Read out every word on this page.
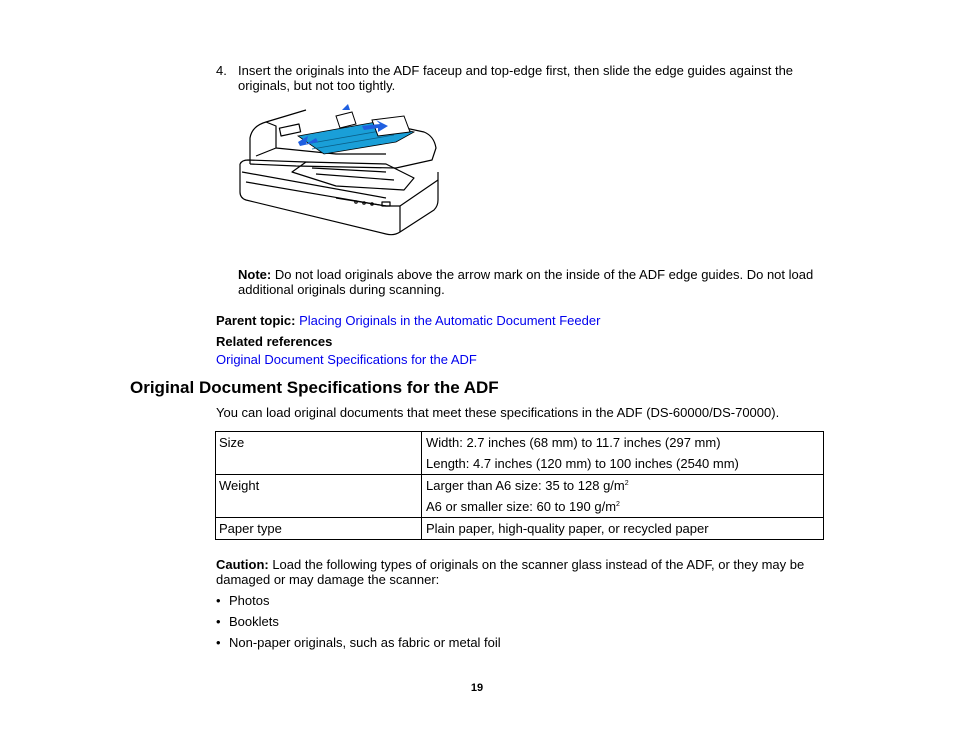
4. Insert the originals into the ADF faceup and top-edge first, then slide the edge guides against the originals, but not too tightly.
Note: Do not load originals above the arrow mark on the inside of the ADF edge guides. Do not load additional originals during scanning.
Parent topic: Placing Originals in the Automatic Document Feeder
Related references
Original Document Specifications for the ADF
Original Document Specifications for the ADF
You can load original documents that meet these specifications in the ADF (DS-60000/DS-70000).
Size	Width: 2.7 inches (68 mm) to 11.7 inches (297 mm)
Length: 4.7 inches (120 mm) to 100 inches (2540 mm)

Weight	Larger than A6 size: 35 to 128 $g/m^2$
A6 or smaller size: 60 to 190 $g/m^2$

Paper type	Plain paper, high-quality paper, or recycled paper
Caution: Load the following types of originals on the scanner glass instead of the ADF, or they may be damaged or may damage the scanner:
• Photos
• Booklets
• Non-paper originals, such as fabric or metal foil
19
